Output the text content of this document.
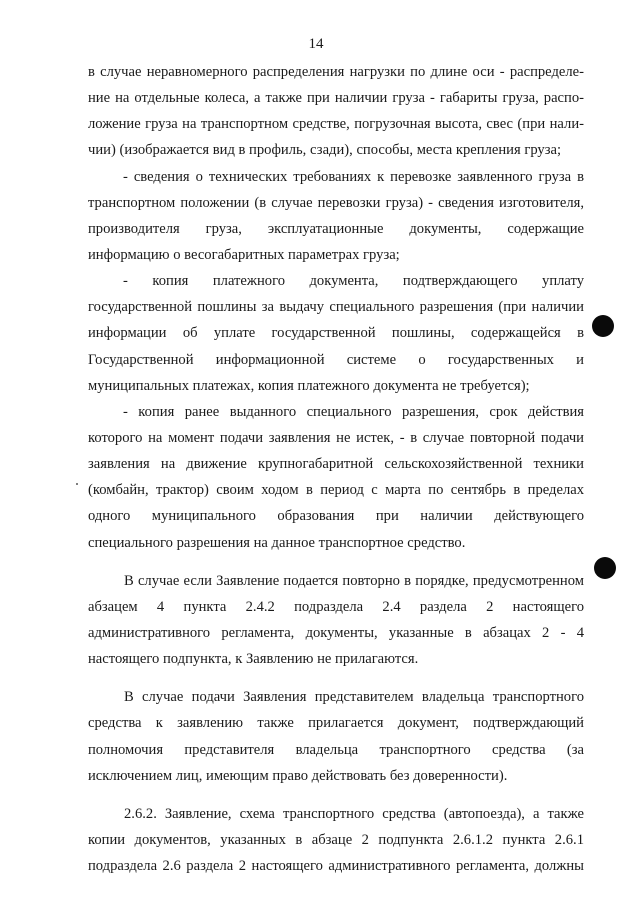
14
в случае неравномерного распределения нагрузки по длине оси - распределе-
ние на отдельные колеса, а также при наличии груза - габариты груза, распо-
ложение груза на транспортном средстве, погрузочная высота, свес (при нали-
чии) (изображается вид в профиль, сзади), способы, места крепления груза;
- сведения о технических требованиях к перевозке заявленного груза в
транспортном положении (в случае перевозки груза) - сведения изготовителя,
производителя груза, эксплуатационные документы, содержащие
информацию о весогабаритных параметрах груза;
- копия платежного документа, подтверждающего уплату
государственной пошлины за выдачу специального разрешения (при наличии
информации об уплате государственной пошлины, содержащейся в
Государственной информационной системе о государственных и
муниципальных платежах, копия платежного документа не требуется);
- копия ранее выданного специального разрешения, срок действия
которого на момент подачи заявления не истек, - в случае повторной подачи
заявления на движение крупногабаритной сельскохозяйственной техники
(комбайн, трактор) своим ходом в период с марта по сентябрь в пределах
одного муниципального образования при наличии действующего
специального разрешения на данное транспортное средство.
В случае если Заявление подается повторно в порядке, предусмотренном
абзацем 4 пункта 2.4.2 подраздела 2.4 раздела 2 настоящего
административного регламента, документы, указанные в абзацах 2 - 4
настоящего подпункта, к Заявлению не прилагаются.
В случае подачи Заявления представителем владельца транспортного
средства к заявлению также прилагается документ, подтверждающий
полномочия представителя владельца транспортного средства (за
исключением лиц, имеющим право действовать без доверенности).
2.6.2. Заявление, схема транспортного средства (автопоезда), а также
копии документов, указанных в абзаце 2 подпункта 2.6.1.2 пункта 2.6.1
подраздела 2.6 раздела 2 настоящего административного регламента, должны
